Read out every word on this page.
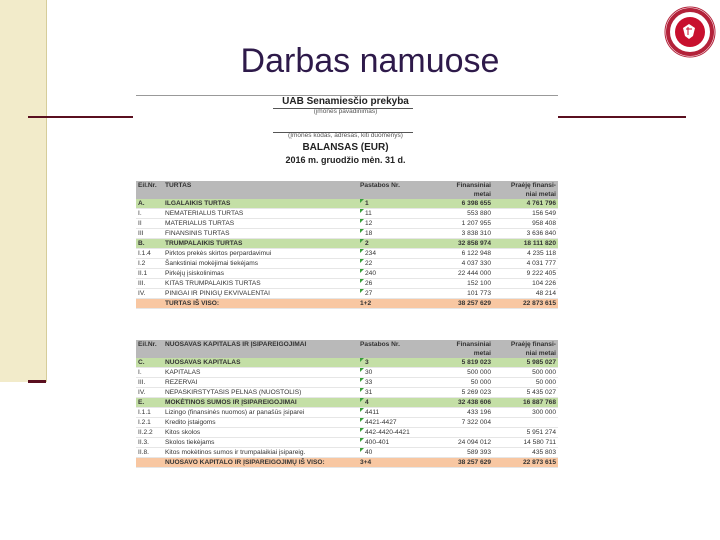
Darbas namuose
UAB Senamiesčio prekyba
(įmonės pavadinimas)
(Įmonės kodas, adresas, kiti duomenys)
BALANSAS (EUR)
2016 m. gruodžio mėn. 31 d.
Eil.Nr.	TURTAS	Pastabos Nr.	Finansiniai	Praėję finansi-
			metai	niai metai
A.	ILGALAIKIS TURTAS	1	6 398 655	4 761 796
I.	NEMATERIALUS TURTAS	11	553 880	156 549
II	MATERIALUS TURTAS	12	1 207 955	958 408
III	FINANSINIS TURTAS	18	3 838 310	3 636 840
B.	TRUMPALAIKIS TURTAS	2	32 858 974	18 111 820
I.1.4	Pirktos prekės skirtos perpardavimui	234	6 122 948	4 235 118
I.2	Šankstiniai mokėjimai tiekėjams	22	4 037 330	4 031 777
II.1	Pirkėjų įsiskolinimas	240	22 444 000	9 222 405
III.	KITAS TRUMPALAIKIS TURTAS	26	152 100	104 226
IV.	PINIGAI IR PINIGŲ EKVIVALENTAI	27	101 773	48 214
	TURTAS IŠ VISO:	1+2	38 257 629	22 873 615
Eil.Nr.	NUOSAVAS KAPITALAS IR ĮSIPAREIGOJIMAI	Pastabos Nr.	Finansiniai	Praėję finansi-
			metai	niai metai
C.	NUOSAVAS KAPITALAS	3	5 819 023	5 985 027
I.	KAPITALAS	30	500 000	500 000
III.	REZERVAI	33	50 000	50 000
IV.	NEPASKIRSTYTASIS PELNAS (NUOSTOLIS)	31	5 269 023	5 435 027
E.	MOKĖTINOS SUMOS IR ĮSIPAREIGOJIMAI	4	32 438 606	16 887 768
I.1.1	Lizingo (finansinės nuomos) ar panašūs įsiparei	4411	433 196	300 000
I.2.1	Kredito įstaigoms	4421-4427	7 322 004	
II.2.2	Kitos skolos	442-4420-4421		5 951 274
II.3.	Skolos tiekėjams	400-401	24 094 012	14 580 711
II.8.	Kitos mokėtinos sumos ir trumpalaikiai įsipareig.	40	589 393	435 803
	NUOSAVO KAPITALO IR ĮSIPAREIGOJIMŲ IŠ VISO:	3+4	38 257 629	22 873 615
